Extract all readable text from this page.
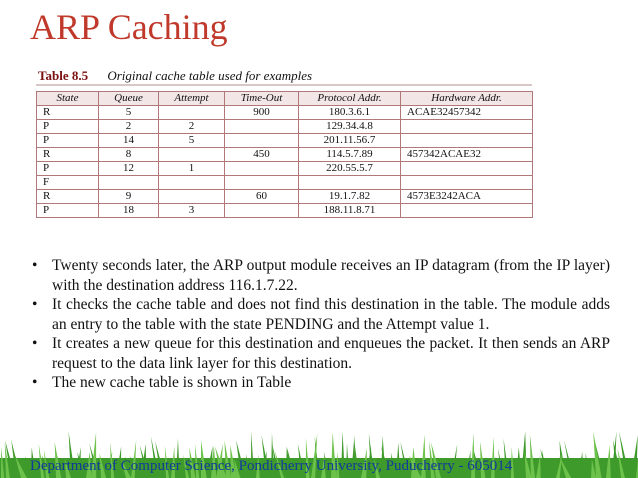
ARP Caching
Table 8.5 Original cache table used for examples
State	Queue	Attempt	Time-Out	Protocol Addr.	Hardware Addr.
R	5		900	180.3.6.1	ACAE32457342
P	2	2		129.34.4.8	
P	14	5		201.11.56.7	
R	8		450	114.5.7.89	457342ACAE32
P	12	1		220.55.5.7	
F					
R	9		60	19.1.7.82	4573E3242ACA
P	18	3		188.11.8.71	
• Twenty seconds later, the ARP output module receives an IP datagram (from the IP layer) with the destination address 116.1.7.22.
• It checks the cache table and does not find this destination in the table. The module adds an entry to the table with the state PENDING and the Attempt value 1.
• It creates a new queue for this destination and enqueues the packet. It then sends an ARP request to the data link layer for this destination.
• The new cache table is shown in Table
Department of Computer Science, Pondicherry University, Puducherry - 605014
